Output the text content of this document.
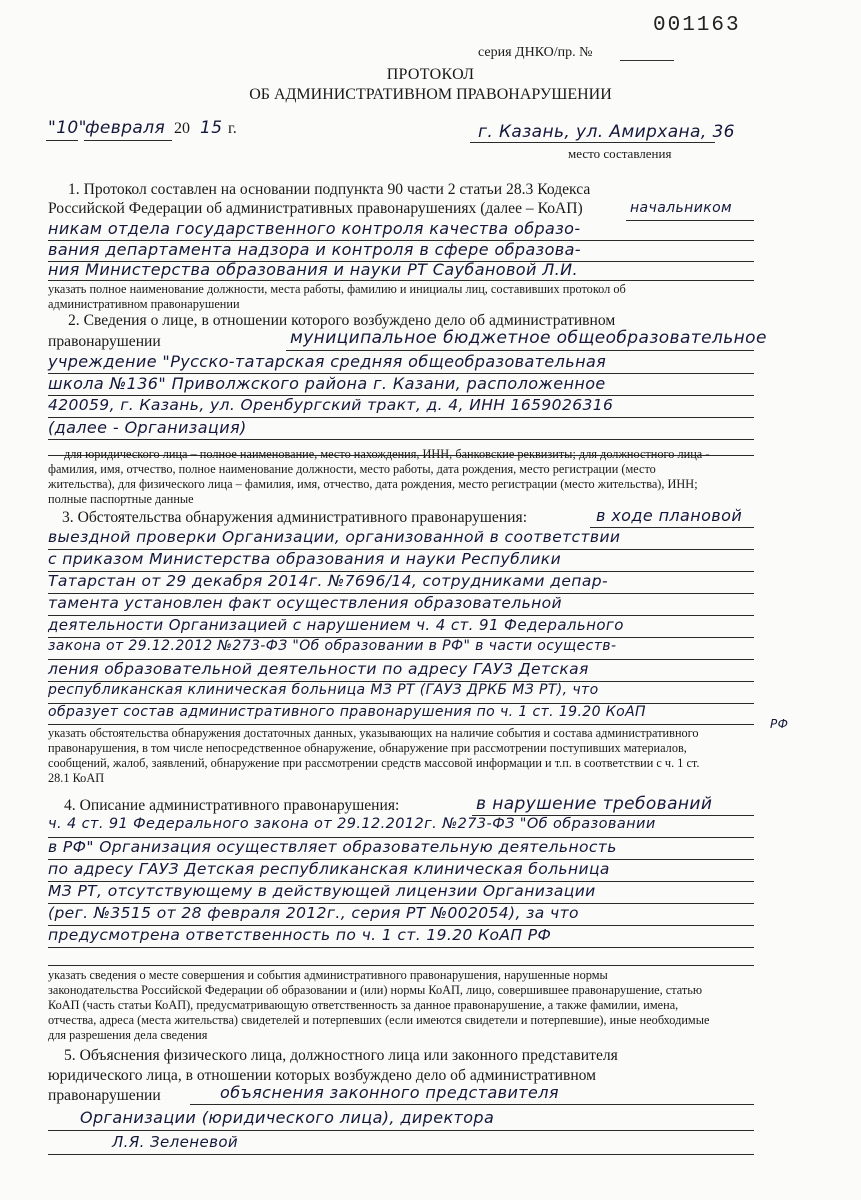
001163
серия ДНКО/пр. №
ПРОТОКОЛ
ОБ АДМИНИСТРАТИВНОМ ПРАВОНАРУШЕНИИ
"10"
февраля 20 15 г.	г. Казань, ул. Амирхана, 36
место составления
1. Протокол составлен на основании подпункта 90 части 2 статьи 28.3 Кодекса
Российской Федерации об административных правонарушениях (далее – КоАП)	начальником
никам отдела государственного контроля качества образо-
вания департамента надзора и контроля в сфере образова-
ния Министерства образования и науки РТ Саубановой Л.И.
указать полное наименование должности, места работы, фамилию и инициалы лиц, составивших протокол об
административном правонарушении
2. Сведения о лице, в отношении которого возбуждено дело об административном
правонарушении	муниципальное бюджетное общеобразовательное
учреждение "Русско-татарская средняя общеобразовательная
школа №136" Приволжского района г. Казани, расположенное
420059, г. Казань, ул. Оренбургский тракт, д. 4, ИНН 1659026316
(далее - Организация)
для юридического лица – полное наименование, место нахождения, ИНН, банковские реквизиты; для должностного лица -
фамилия, имя, отчество, полное наименование должности, место работы, дата рождения, место регистрации (место
жительства), для физического лица – фамилия, имя, отчество, дата рождения, место регистрации (место жительства), ИНН;
полные паспортные данные
3. Обстоятельства обнаружения административного правонарушения:	в ходе плановой
выездной проверки Организации, организованной в соответствии
с приказом Министерства образования и науки Республики
Татарстан от 29 декабря 2014г. №7696/14, сотрудниками депар-
тамента установлен факт осуществления образовательной
деятельности Организацией с нарушением ч. 4 ст. 91 Федерального
закона от 29.12.2012 №273-ФЗ "Об образовании в РФ" в части осуществ-
ления образовательной деятельности по адресу ГАУЗ Детская
республиканская клиническая больница МЗ РТ (ГАУЗ ДРКБ МЗ РТ), что
образует состав административного правонарушения по ч. 1 ст. 19.20 КоАП
РФ
указать обстоятельства обнаружения достаточных данных, указывающих на наличие события и состава административного
правонарушения, в том числе непосредственное обнаружение, обнаружение при рассмотрении поступивших материалов,
сообщений, жалоб, заявлений, обнаружение при рассмотрении средств массовой информации и т.п. в соответствии с ч. 1 ст.
28.1 КоАП
4. Описание административного правонарушения:	в нарушение требований
ч. 4 ст. 91 Федерального закона от 29.12.2012г. №273-ФЗ "Об образовании
в РФ" Организация осуществляет образовательную деятельность
по адресу ГАУЗ Детская республиканская клиническая больница
МЗ РТ, отсутствующему в действующей лицензии Организации
(рег. №3515 от 28 февраля 2012г., серия РТ №002054), за что
предусмотрена ответственность по ч. 1 ст. 19.20 КоАП РФ
указать сведения о месте совершения и события административного правонарушения, нарушенные нормы
законодательства Российской Федерации об образовании и (или) нормы КоАП, лицо, совершившее правонарушение, статью
КоАП (часть статьи КоАП), предусматривающую ответственность за данное правонарушение, а также фамилии, имена,
отчества, адреса (места жительства) свидетелей и потерпевших (если имеются свидетели и потерпевшие), иные необходимые
для разрешения дела сведения
5. Объяснения физического лица, должностного лица или законного представителя
юридического лица, в отношении которых возбуждено дело об административном
правонарушении	объяснения законного представителя
Организации (юридического лица), директора
Л.Я. Зеленевой
